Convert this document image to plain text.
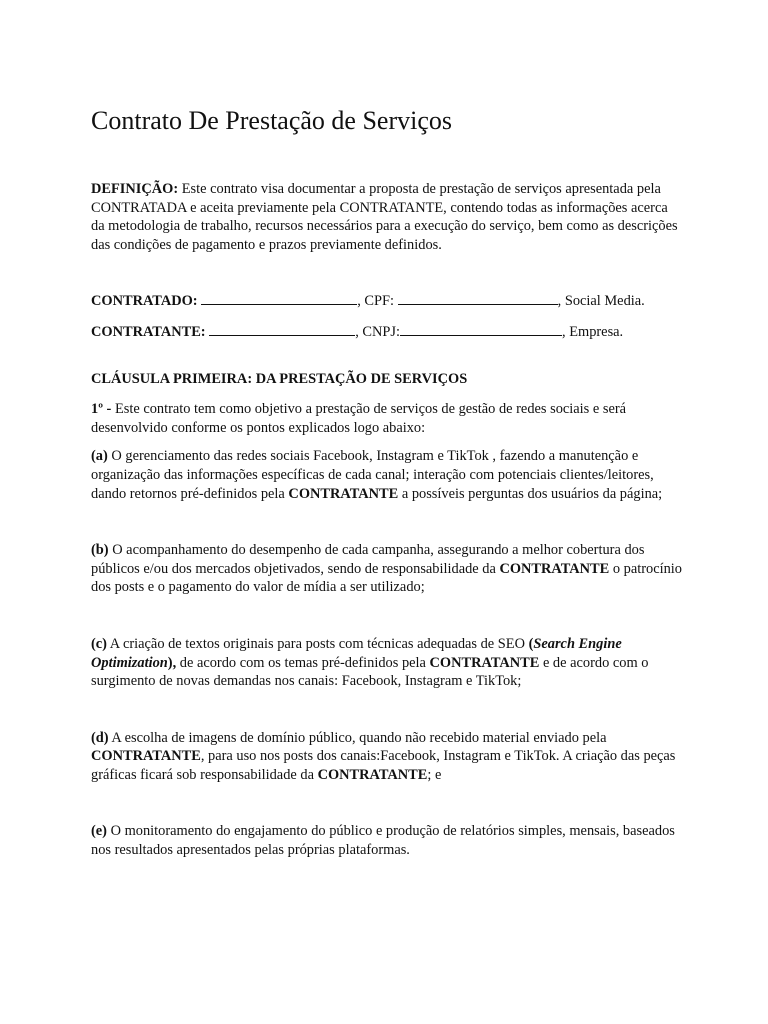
Contrato De Prestação de Serviços

DEFINIÇÃO: Este contrato visa documentar a proposta de prestação de serviços apresentada pela CONTRATADA e aceita previamente pela CONTRATANTE, contendo todas as informações acerca da metodologia de trabalho, recursos necessários para a execução do serviço, bem como as descrições das condições de pagamento e prazos previamente definidos.

CONTRATADO:	, CPF:	, Social Media.

CONTRATANTE:	, CNPJ:	, Empresa.

CLÁUSULA PRIMEIRA: DA PRESTAÇÃO DE SERVIÇOS

1º - Este contrato tem como objetivo a prestação de serviços de gestão de redes sociais e será desenvolvido conforme os pontos explicados logo abaixo:

(a) O gerenciamento das redes sociais Facebook, Instagram e TikTok , fazendo a manutenção e organização das informações específicas de cada canal; interação com potenciais clientes/leitores, dando retornos pré-definidos pela CONTRATANTE a possíveis perguntas dos usuários da página;

(b) O acompanhamento do desempenho de cada campanha, assegurando a melhor cobertura dos públicos e/ou dos mercados objetivados, sendo de responsabilidade da CONTRATANTE o patrocínio dos posts e o pagamento do valor de mídia a ser utilizado;

(c) A criação de textos originais para posts com técnicas adequadas de SEO (Search Engine Optimization), de acordo com os temas pré-definidos pela CONTRATANTE e de acordo com o surgimento de novas demandas nos canais: Facebook, Instagram e TikTok;

(d) A escolha de imagens de domínio público, quando não recebido material enviado pela CONTRATANTE, para uso nos posts dos canais:Facebook, Instagram e TikTok. A criação das peças gráficas ficará sob responsabilidade da CONTRATANTE; e

(e) O monitoramento do engajamento do público e produção de relatórios simples, mensais, baseados nos resultados apresentados pelas próprias plataformas.
